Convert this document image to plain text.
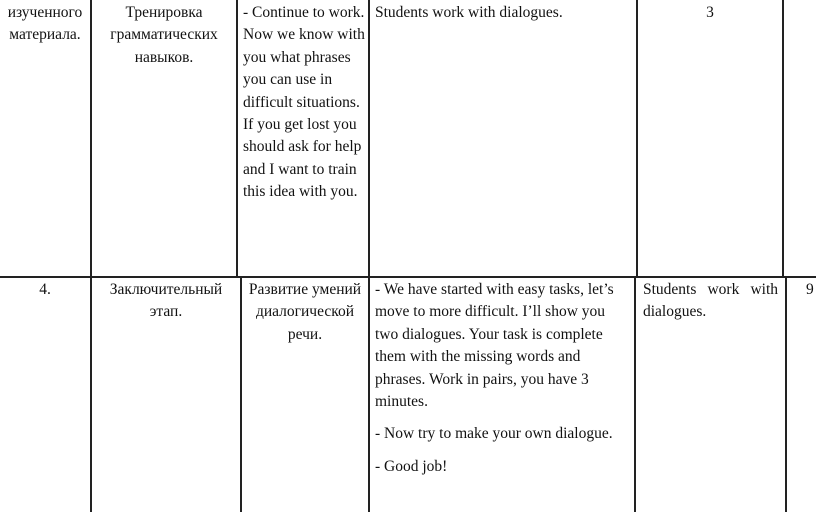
изученного материала.
Тренировка грамматических навыков.
- Continue to work. Now we know with you what phrases you can use in difficult situations. If you get lost you should ask for help and I want to train this idea with you.
Students work with dialogues.	3
4.	Заключительный этап.
Развитие умений диалогической речи.

- We have started with easy tasks, let’s move to more difficult. I’ll show you two dialogues. Your task is complete them with the missing words and phrases. Work in pairs, you have 3 minutes.

- Now try to make your own dialogue.

- Good job!

Students work with dialogues.
9
